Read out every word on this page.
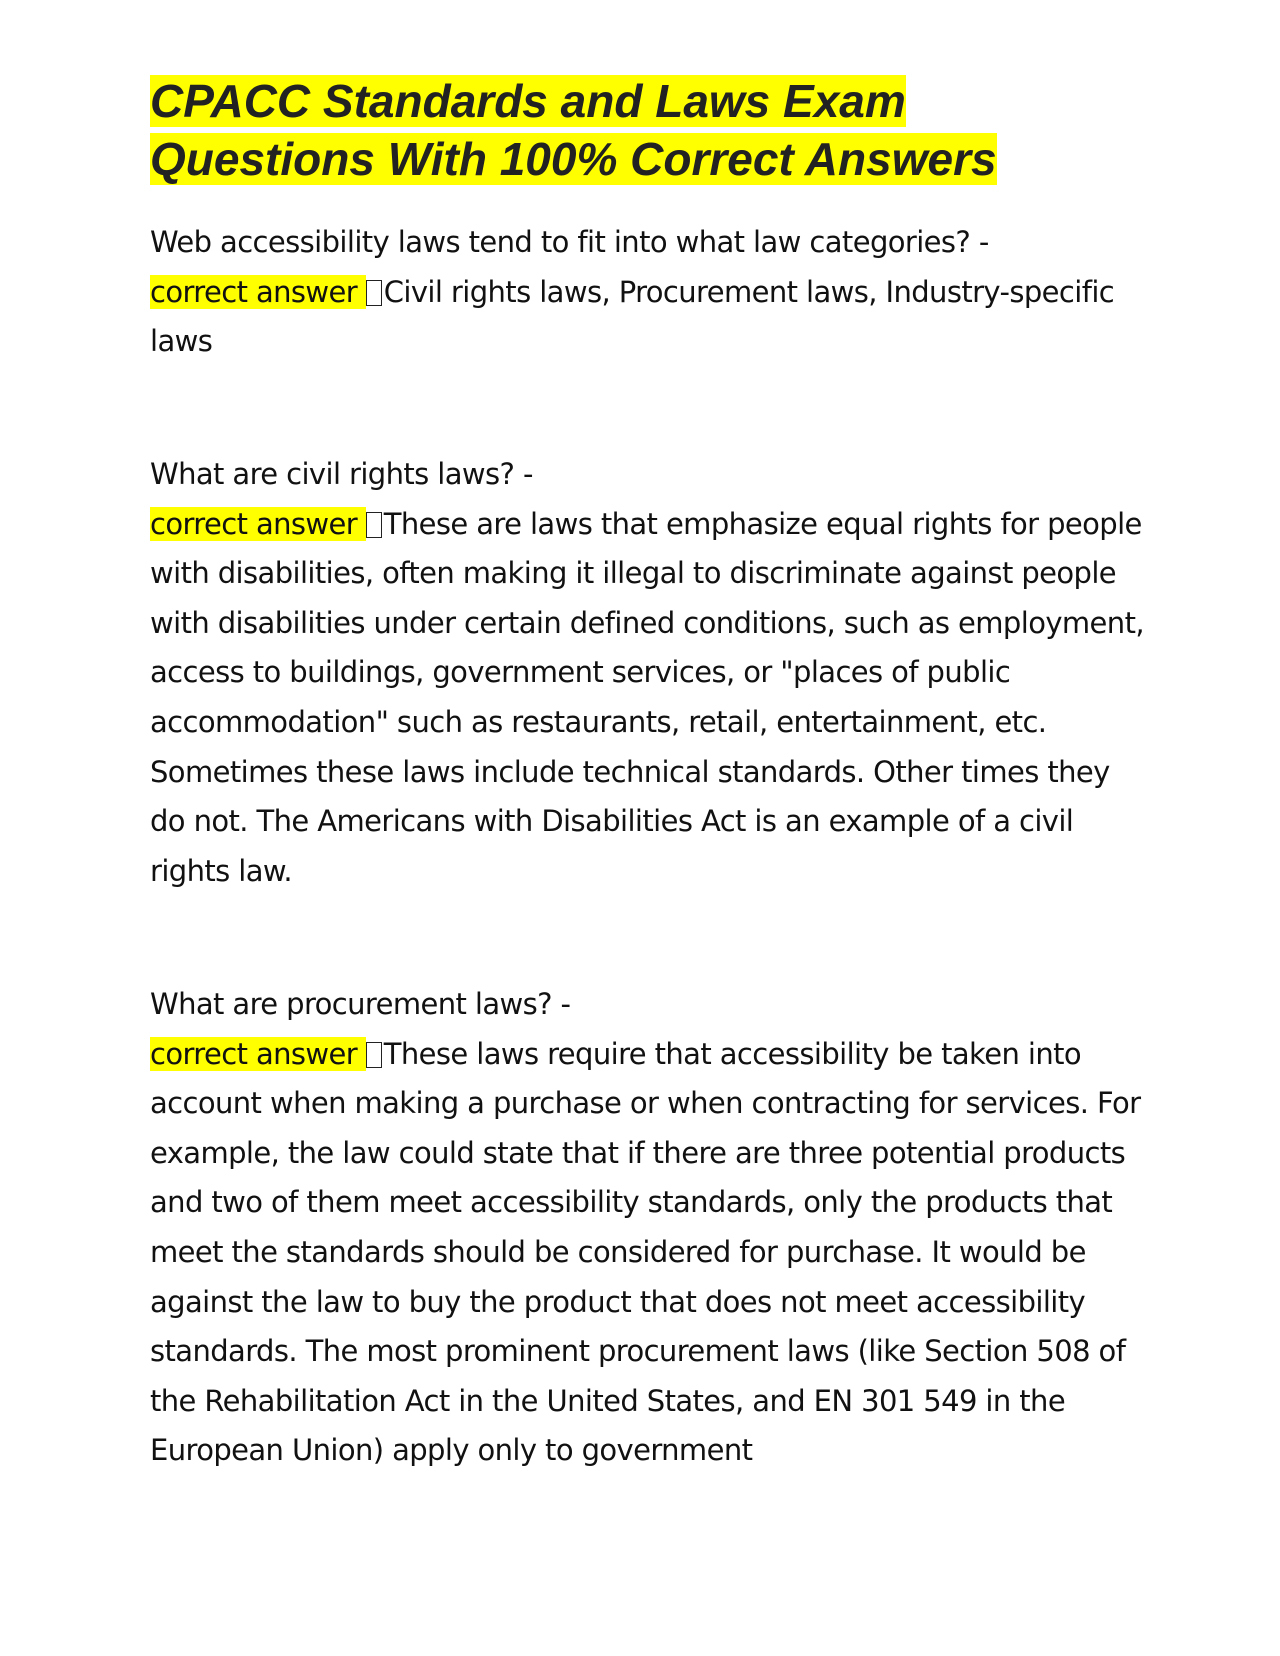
CPACC Standards and Laws Exam
Questions With 100% Correct Answers

Web accessibility laws tend to fit into what law categories? -
correct answer Civil rights laws, Procurement laws, Industry-specific laws

What are civil rights laws? -
correct answer These are laws that emphasize equal rights for people with disabilities, often making it illegal to discriminate against people with disabilities under certain defined conditions, such as employment, access to buildings, government services, or "places of public accommodation" such as restaurants, retail, entertainment, etc. Sometimes these laws include technical standards. Other times they do not. The Americans with Disabilities Act is an example of a civil rights law.

What are procurement laws? -
correct answer These laws require that accessibility be taken into account when making a purchase or when contracting for services. For example, the law could state that if there are three potential products and two of them meet accessibility standards, only the products that meet the standards should be considered for purchase. It would be against the law to buy the product that does not meet accessibility standards. The most prominent procurement laws (like Section 508 of the Rehabilitation Act in the United States, and EN 301 549 in the European Union) apply only to government
